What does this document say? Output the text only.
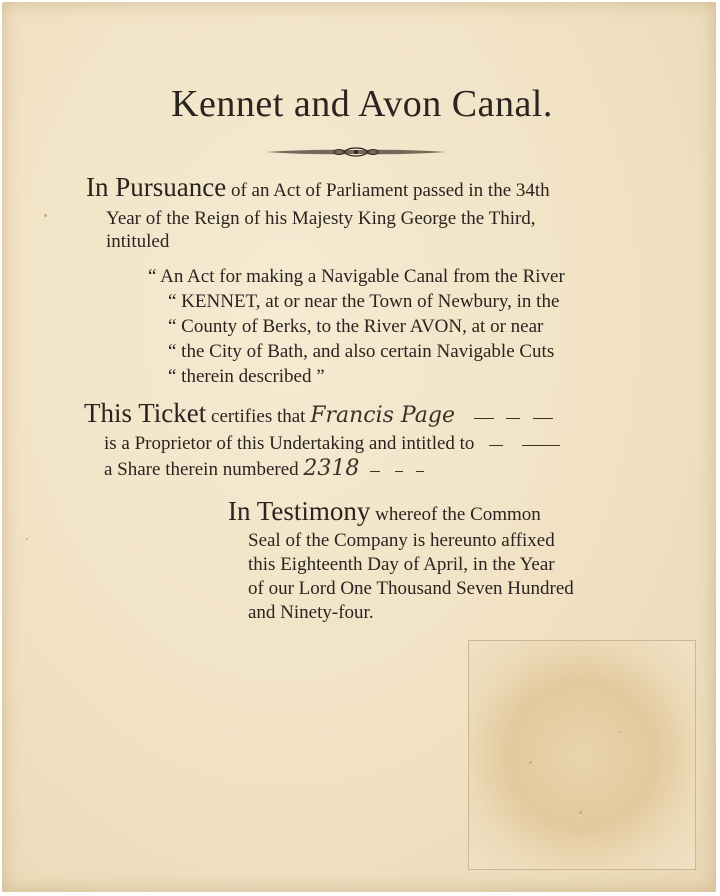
Kennet and Avon Canal.
In Pursuance of an Act of Parliament passed in the 34th
Year of the Reign of his Majesty King George the Third,
intituled
“ An Act for making a Navigable Canal from the River
“ KENNET, at or near the Town of Newbury, in the
“ County of Berks, to the River AVON, at or near
“ the City of Bath, and also certain Navigable Cuts
“ therein described ”
This Ticket certifies that Francis Page
is a Proprietor of this Undertaking and intitled to
a Share therein numbered 2318
In Testimony whereof the Common
Seal of the Company is hereunto affixed
this Eighteenth Day of April, in the Year
of our Lord One Thousand Seven Hundred
and Ninety-four.
